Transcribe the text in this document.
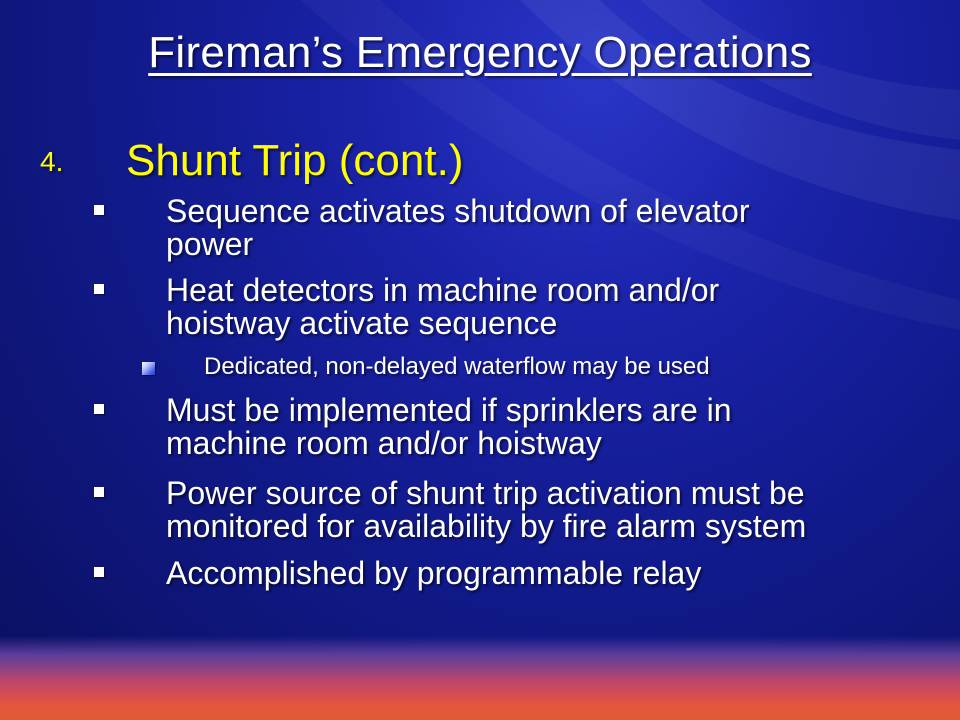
Fireman’s Emergency Operations
4. Shunt Trip (cont.)
Sequence activates shutdown of elevator
power
Heat detectors in machine room and/or
hoistway activate sequence
Dedicated, non-delayed waterflow may be used
Must be implemented if sprinklers are in
machine room and/or hoistway
Power source of shunt trip activation must be
monitored for availability by fire alarm system
Accomplished by programmable relay
